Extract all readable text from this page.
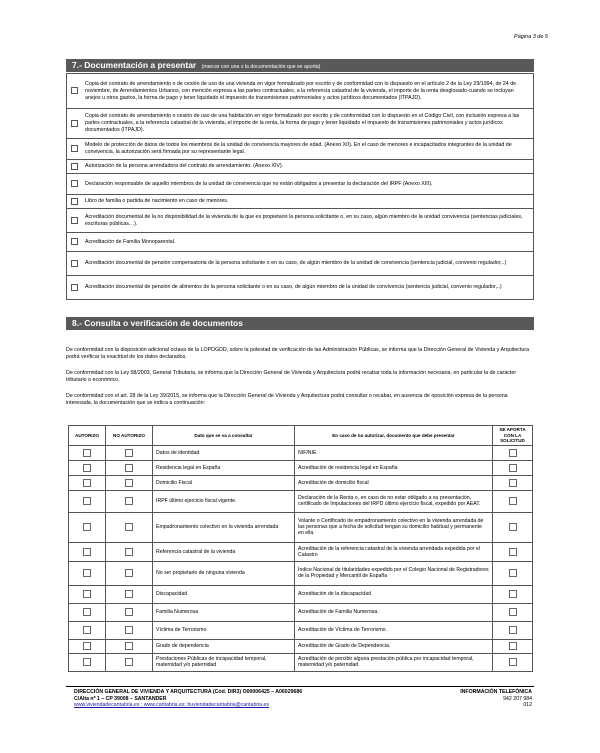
Página 3 de 5
7.- Documentación a presentar (marcar con una x la documentación que se aporta)
Copia del contrato de arrendamiento o de cesión de uso de una vivienda en vigor formalizado por escrito y de conformidad con lo dispuesto en el artículo 2 de la Ley 29/1994, de 24 de noviembre, de Arrendamientos Urbanos, con mención expresa a las partes contractuales, a la referencia catastral de la vivienda, el importe de la renta desglosado cuando se incluyan anejos u otros gastos, la forma de pago y tener liquidado el impuesto de transmisiones patrimoniales y actos jurídicos documentados (ITPAJD).
Copia del contrato de arrendamiento o cesión de uso de una habitación en vigor formalizado por escrito y de conformidad con lo dispuesto en el Código Civil, con inclusión expresa a las partes contractuales, a la referencia catastral de la vivienda, el importe de la renta, la forma de pago y tener liquidado el impuesto de transmisiones patrimoniales y actos jurídicos documentados (ITPAJD).
Modelo de protección de datos de todos los miembros de la unidad de convivencia mayores de edad. (Anexo XII). En el caso de menores e incapacitados integrantes de la unidad de convivencia, la autorización será firmada por su representante legal.
Autorización de la persona arrendadora del contrato de arrendamiento. (Anexo XIV).
Declaración responsable de aquello miembros de la unidad de convivencia que no están obligados a presentar la declaración del IRPF (Anexo XIII).
Libro de familia o partida de nacimiento en caso de menores.
Acreditación documental de la no disponibilidad de la vivienda de la que es propietario la persona solicitante o, en su caso, algún miembro de la unidad convivencia (sentencias judiciales, escrituras públicas…).
Acreditación de Familia Monoparental.
Acreditación documental de pensión compensatoria de la persona solicitante o en su caso, de algún miembro de la unidad de convivencia (sentencia judicial, convenio regulador,..)
Acreditación documental de pensión de alimentos de la persona solicitante o en su caso, de algún miembro de la unidad de convivencia (sentencia judicial, convenio regulador,..)
8.- Consulta o verificación de documentos
De conformidad con la disposición adicional octava de la LOPDGDD, sobre la potestad de verificación de las Administración Públicas, se informa que la Dirección General de Vivienda y Arquitectura podrá verificar la exactitud de los datos declarados.
De conformidad con la Ley 58/2003, General Tributaria, se informa que la Dirección General de Vivienda y Arquitectura podrá recabar toda la información necesaria, en particular la de carácter tributario o económico.
De conformidad con el art. 28 de la Ley 39/2015, se informa que la Dirección General de Vivienda y Arquitectura podrá consultar o recabar, en ausencia de oposición expresa de la persona interesada, la documentación que se indica a continuación:
AUTORIZO	NO AUTORIZO	Dato que se va a consultar	En caso de no autorizar, documento que debe presentar	SE APORTA CON LA SOLICITUD
		Datos de identidad	NIF/NIE	
		Residencia legal en España	Acreditación de residencia legal en España	
		Domicilio Fiscal	Acreditación de domicilio fiscal	
		IRPF último ejercicio fiscal vigente.	Declaración de la Renta o, en caso de no estar obligado a su presentación, certificado de Imputaciones del IRPD último ejercicio fiscal, expedido por AEAT.	
		Empadronamiento colectivo en la vivienda arrendada	Volante o Certificado de empadronamiento colectivo en la vivienda arrendada de las personas que a fecha de solicitud tengan su domicilio habitual y permanente en ella.	
		Referencia catastral de la vivienda	Acreditación de la referencia catastral de la vivienda arrendada expedida por el Catastro	
		No ser propietario de ninguna vivienda	Índice Nacional de titularidades expedido por el Colegio Nacional de Registradores de la Propiedad y Mercantil de España	
		Discapacidad	Acreditación de la discapacidad	
		Familia Numerosa	Acreditación de Familia Numerosa.	
		Víctima de Terrorismo	Acreditación de Víctima de Terrorismo.	
		Grado de dependencia	Acreditación de Grado de Dependencia.	
		Prestaciones Públicas de incapacidad temporal, maternidad y/o paternidad	Acreditación de percibir alguna prestación pública por incapacidad temporal, maternidad y/o paternidad	
DIRECCIÓN GENERAL DE VIVIENDA Y ARQUITECTURA (Cód. DIR3) O00006425 – A06029686
C/Alta nº 1 – CP 39008 – SANTANDER
www.viviendadecantabria.es ; www.cantabria.es; buviendadecantabria@cantabria.es
INFORMACIÓN TELEFÓNICA
942 207 984
012
